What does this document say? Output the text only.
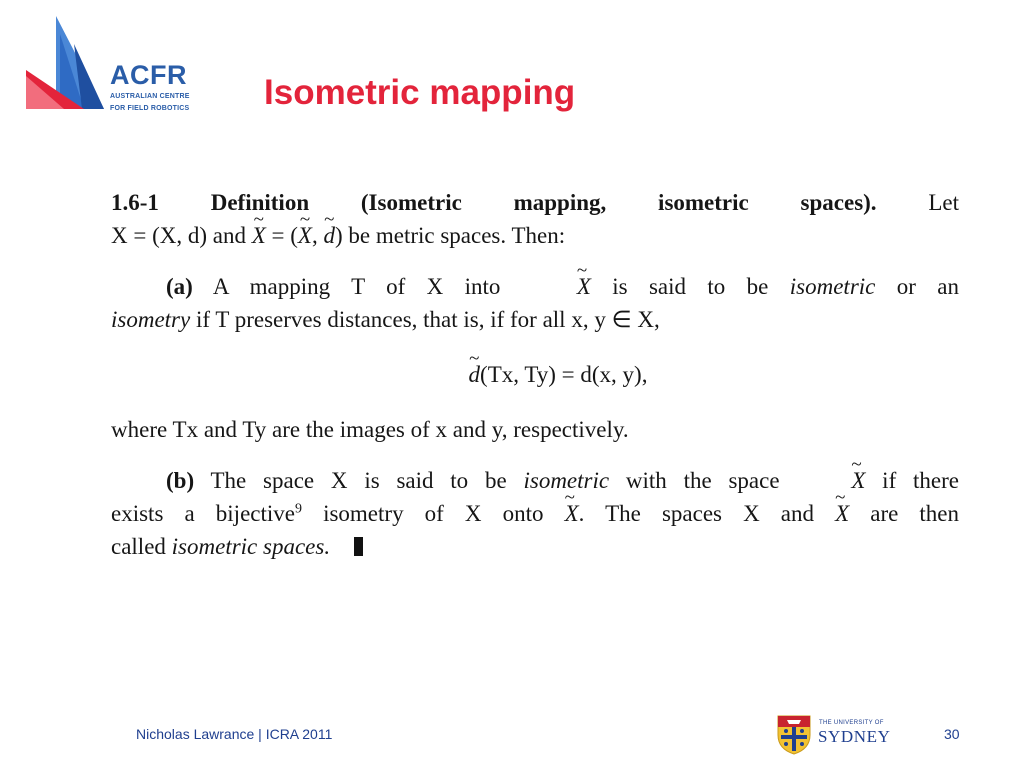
ACFR
AUSTRALIAN CENTRE
FOR FIELD ROBOTICS Isometric mapping

1.6-1 Definition (Isometric mapping, isometric spaces). Let

X = (X, d) and ~ X = (~ X, ~ d) be metric spaces. Then:

(a) A mapping T of X into ~ X is said to be isometric or an

isometry if T preserves distances, that is, if for all x, y ∈ X,

~ d(Tx, Ty) = d(x, y),

where Tx and Ty are the images of x and y, respectively.

(b) The space X is said to be isometric with the space ~ X if there

exists a bijective$^9$ isometry of X onto ~ X. The spaces X and ~ X are then

called isometric spaces.

Nicholas Lawrance | ICRA 2011
THE UNIVERSITY OF
SYDNEY	30
